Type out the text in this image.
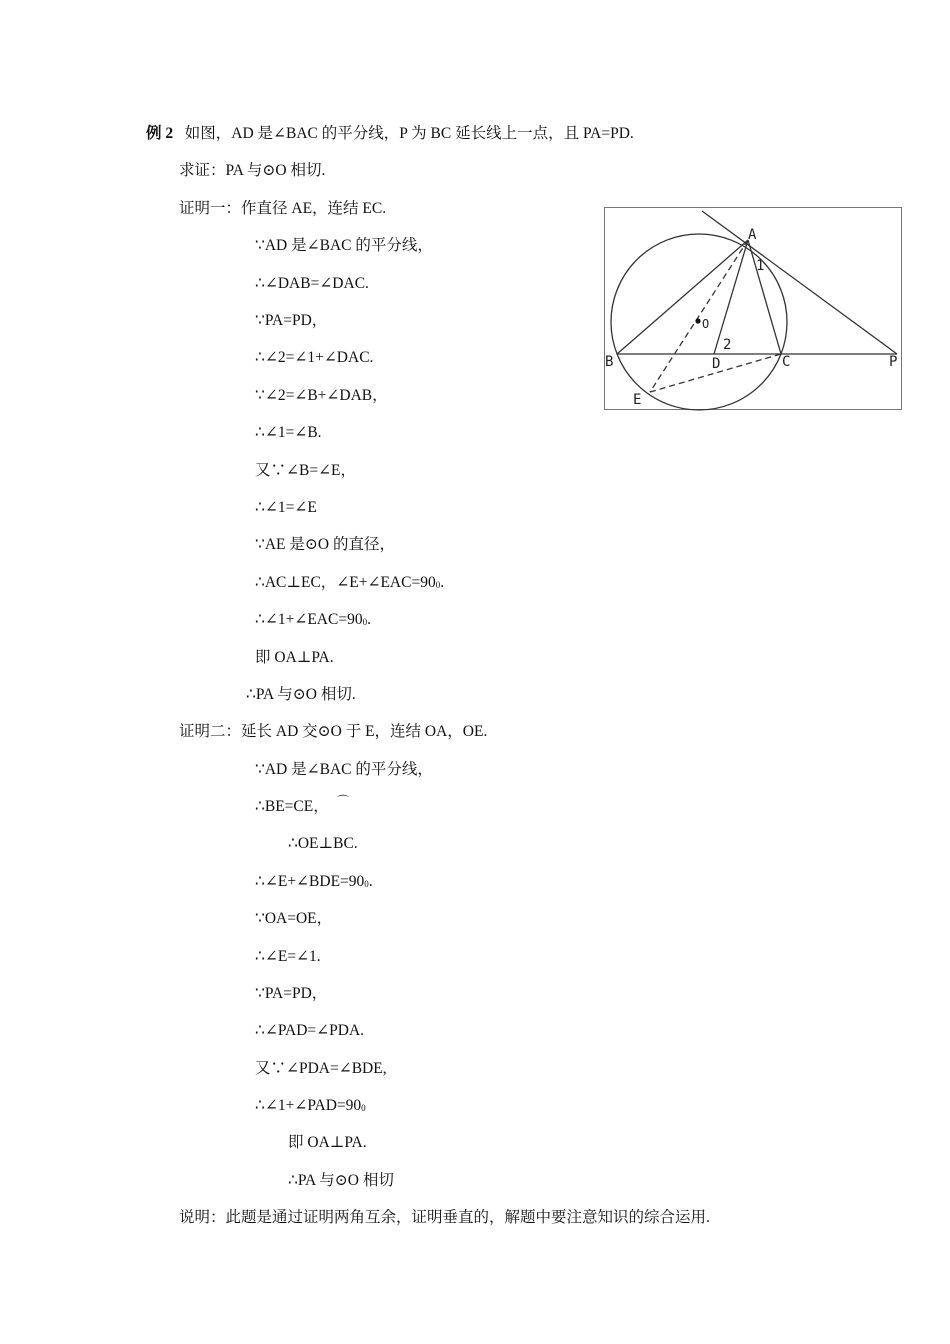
例 2 如图，AD 是∠BAC 的平分线，P 为 BC 延长线上一点，且 PA=PD.
求证：PA 与⊙O 相切.
证明一：作直径 AE，连结 EC.
∵AD 是∠BAC 的平分线，
∴∠DAB=∠DAC.
∵PA=PD，
∴∠2=∠1+∠DAC.
∵∠2=∠B+∠DAB，
∴∠1=∠B.
又∵∠B=∠E，
∴∠1=∠E
∵AE 是⊙O 的直径，
∴AC⊥EC，∠E+∠EAC=900.
∴∠1+∠EAC=900.
即 OA⊥PA.
∴PA 与⊙O 相切.
证明二：延长 AD 交⊙O 于 E，连结 OA，OE.
∵AD 是∠BAC 的平分线，
∴BE=CE， ⌒
∴OE⊥BC.
∴∠E+∠BDE=900.
∵OA=OE，
∴∠E=∠1.
∵PA=PD，
∴∠PAD=∠PDA.
又∵∠PDA=∠BDE,
∴∠1+∠PAD=900
即 OA⊥PA.
∴PA 与⊙O 相切
说明：此题是通过证明两角互余，证明垂直的，解题中要注意知识的综合运用.
A
B	C
D
E
P
O
1
2
